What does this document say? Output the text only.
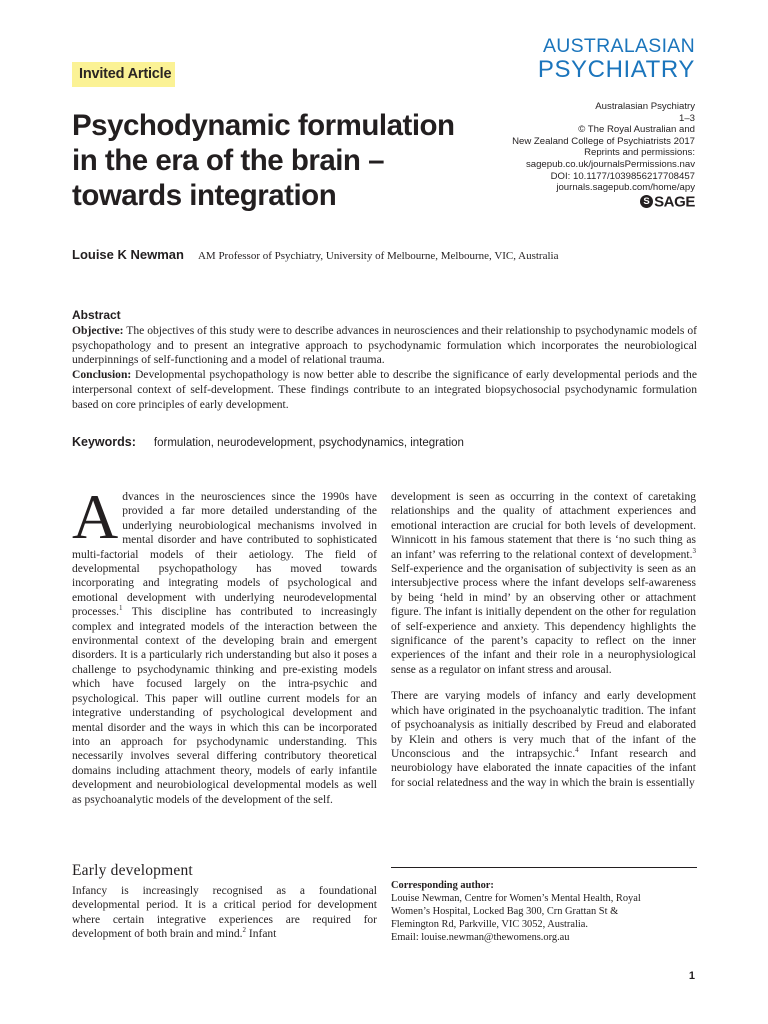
Invited Article
AUSTRALASIAN
PSYCHIATRY
Psychodynamic formulation in the era of the brain – towards integration
Australasian Psychiatry
1–3
© The Royal Australian and
New Zealand College of Psychiatrists 2017
Reprints and permissions:
sagepub.co.uk/journalsPermissions.nav
DOI: 10.1177/1039856217708457
journals.sagepub.com/home/apy
S SAGE
Louise K Newman AM Professor of Psychiatry, University of Melbourne, Melbourne, VIC, Australia
Abstract

Objective: The objectives of this study were to describe advances in neurosciences and their relationship to psychodynamic models of psychopathology and to present an integrative approach to psychodynamic formulation which incorporates the neurobiological underpinnings of self-functioning and a model of relational trauma.

Conclusion: Developmental psychopathology is now better able to describe the significance of early developmental periods and the interpersonal context of self-development. These findings contribute to an integrated biopsychosocial psychodynamic formulation based on core principles of early development.

Keywords: formulation, neurodevelopment, psychodynamics, integration

Advances in the neurosciences since the 1990s have provided a far more detailed understanding of the underlying neurobiological mechanisms involved in mental disorder and have contributed to sophisticated multi-factorial models of their aetiology. The field of developmental psychopathology has moved towards incorporating and integrating models of psychological and emotional development with underlying neurodevelopmental processes.$^1$ This discipline has contributed to increasingly complex and integrated models of the interaction between the environmental context of the developing brain and emergent disorders. It is a particularly rich understanding but also it poses a challenge to psychodynamic thinking and pre-existing models which have focused largely on the intra-psychic and psychological. This paper will outline current models for an integrative understanding of psychological development and mental disorder and the ways in which this can be incorporated into an approach for psychodynamic understanding. This necessarily involves several differing contributory theoretical domains including attachment theory, models of early infantile development and neurobiological developmental models as well as psychoanalytic models of the development of the self.

Early development

Infancy is increasingly recognised as a foundational developmental period. It is a critical period for development where certain integrative experiences are required for development of both brain and mind.$^2$ Infant

development is seen as occurring in the context of caretaking relationships and the quality of attachment experiences and emotional interaction are crucial for both levels of development. Winnicott in his famous statement that there is ‘no such thing as an infant’ was referring to the relational context of development.$^3$ Self-experience and the organisation of subjectivity is seen as an intersubjective process where the infant develops self-awareness by being ‘held in mind’ by an observing other or attachment figure. The infant is initially dependent on the other for regulation of self-experience and anxiety. This dependency highlights the significance of the parent’s capacity to reflect on the inner experiences of the infant and their role in a neurophysiological sense as a regulator on infant stress and arousal.

There are varying models of infancy and early development which have originated in the psychoanalytic tradition. The infant of psychoanalysis as initially described by Freud and elaborated by Klein and others is very much that of the infant of the Unconscious and the intrapsychic.$^4$ Infant research and neurobiology have elaborated the innate capacities of the infant for social relatedness and the way in which the brain is essentially

Corresponding author:
Louise Newman, Centre for Women’s Mental Health, Royal
Women’s Hospital, Locked Bag 300, Crn Grattan St &
Flemington Rd, Parkville, VIC 3052, Australia.
Email: louise.newman@thewomens.org.au
1
